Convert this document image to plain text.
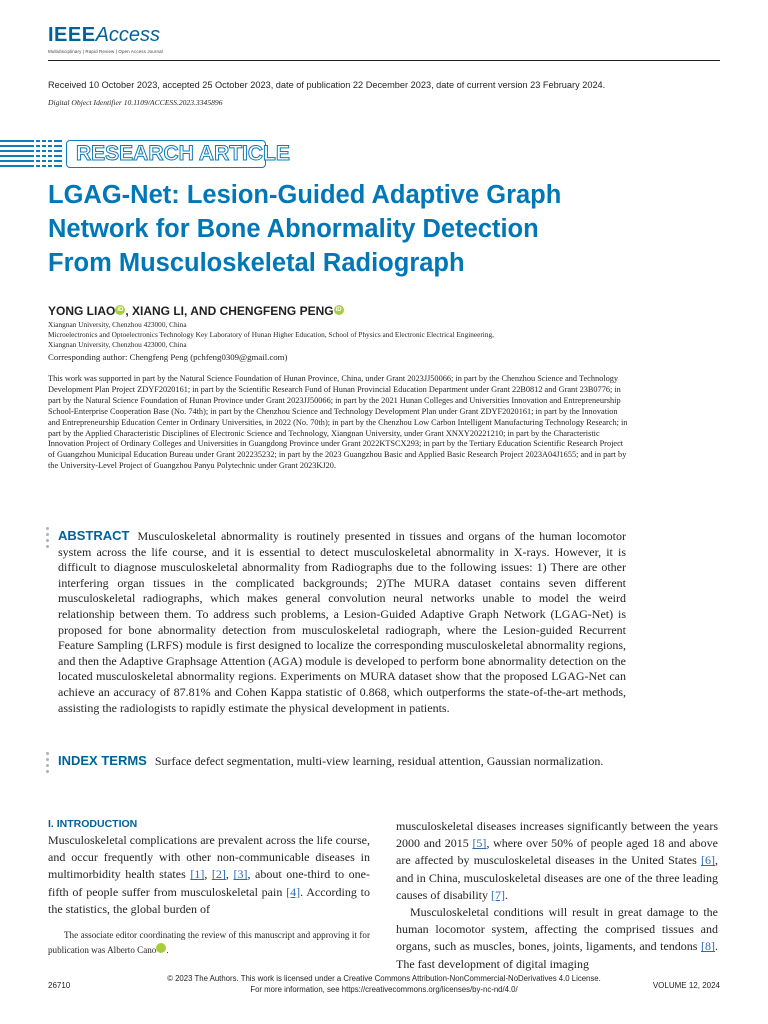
IEEEAccess
Multidisciplinary | Rapid Review | Open Access Journal
Received 10 October 2023, accepted 25 October 2023, date of publication 22 December 2023, date of current version 23 February 2024.
Digital Object Identifier 10.1109/ACCESS.2023.3345896
RESEARCH ARTICLE
LGAG-Net: Lesion-Guided Adaptive Graph Network for Bone Abnormality Detection From Musculoskeletal Radiograph
YONG LIAO iD , XIANG LI, AND CHENGFENG PENG iD
Xiangnan University, Chenzhou 423000, China
Microelectronics and Optoelectronics Technology Key Laboratory of Hunan Higher Education, School of Physics and Electronic Electrical Engineering,
Xiangnan University, Chenzhou 423000, China
Corresponding author: Chengfeng Peng (pchfeng0309@gmail.com)
This work was supported in part by the Natural Science Foundation of Hunan Province, China, under Grant 2023JJ50066; in part by the Chenzhou Science and Technology Development Plan Project ZDYF2020161; in part by the Scientific Research Fund of Hunan Provincial Education Department under Grant 22B0812 and Grant 23B0776; in part by the Natural Science Foundation of Hunan Province under Grant 2023JJ50066; in part by the 2021 Hunan Colleges and Universities Innovation and Entrepreneurship School-Enterprise Cooperation Base (No. 74th); in part by the Chenzhou Science and Technology Development Plan under Grant ZDYF2020161; in part by the Innovation and Entrepreneurship Education Center in Ordinary Universities, in 2022 (No. 70th); in part by the Chenzhou Low Carbon Intelligent Manufacturing Technology Research; in part by the Applied Characteristic Disciplines of Electronic Science and Technology, Xiangnan University, under Grant XNXY20221210; in part by the Characteristic Innovation Project of Ordinary Colleges and Universities in Guangdong Province under Grant 2022KTSCX293; in part by the Tertiary Education Scientific Research Project of Guangzhou Municipal Education Bureau under Grant 202235232; in part by the 2023 Guangzhou Basic and Applied Basic Research Project 2023A04J1655; and in part by the University-Level Project of Guangzhou Panyu Polytechnic under Grant 2023KJ20.
ABSTRACT Musculoskeletal abnormality is routinely presented in tissues and organs of the human locomotor system across the life course, and it is essential to detect musculoskeletal abnormality in X-rays. However, it is difficult to diagnose musculoskeletal abnormality from Radiographs due to the following issues: 1) There are other interfering organ tissues in the complicated backgrounds; 2)The MURA dataset contains seven different musculoskeletal radiographs, which makes general convolution neural networks unable to model the weird relationship between them. To address such problems, a Lesion-Guided Adaptive Graph Network (LGAG-Net) is proposed for bone abnormality detection from musculoskeletal radiograph, where the Lesion-guided Recurrent Feature Sampling (LRFS) module is first designed to localize the corresponding musculoskeletal abnormality regions, and then the Adaptive Graphsage Attention (AGA) module is developed to perform bone abnormality detection on the located musculoskeletal abnormality regions. Experiments on MURA dataset show that the proposed LGAG-Net can achieve an accuracy of 87.81% and Cohen Kappa statistic of 0.868, which outperforms the state-of-the-art methods, assisting the radiologists to rapidly estimate the physical development in patients.
INDEX TERMS Surface defect segmentation, multi-view learning, residual attention, Gaussian normalization.
I. INTRODUCTION
Musculoskeletal complications are prevalent across the life course, and occur frequently with other non-communicable diseases in multimorbidity health states [1], [2], [3], about one-third to one-fifth of people suffer from musculoskeletal pain [4]. According to the statistics, the global burden of

musculoskeletal diseases increases significantly between the years 2000 and 2015 [5], where over 50% of people aged 18 and above are affected by musculoskeletal diseases in the United States [6], and in China, musculoskeletal diseases are one of the three leading causes of disability [7].

Musculoskeletal conditions will result in great damage to the human locomotor system, affecting the comprised tissues and organs, such as muscles, bones, joints, ligaments, and tendons [8]. The fast development of digital imaging

The associate editor coordinating the review of this manuscript and approving it for publication was Alberto Cano	iD.
© 2023 The Authors. This work is licensed under a Creative Commons Attribution-NonCommercial-NoDerivatives 4.0 License.
For more information, see https://creativecommons.org/licenses/by-nc-nd/4.0/
26710	VOLUME 12, 2024
